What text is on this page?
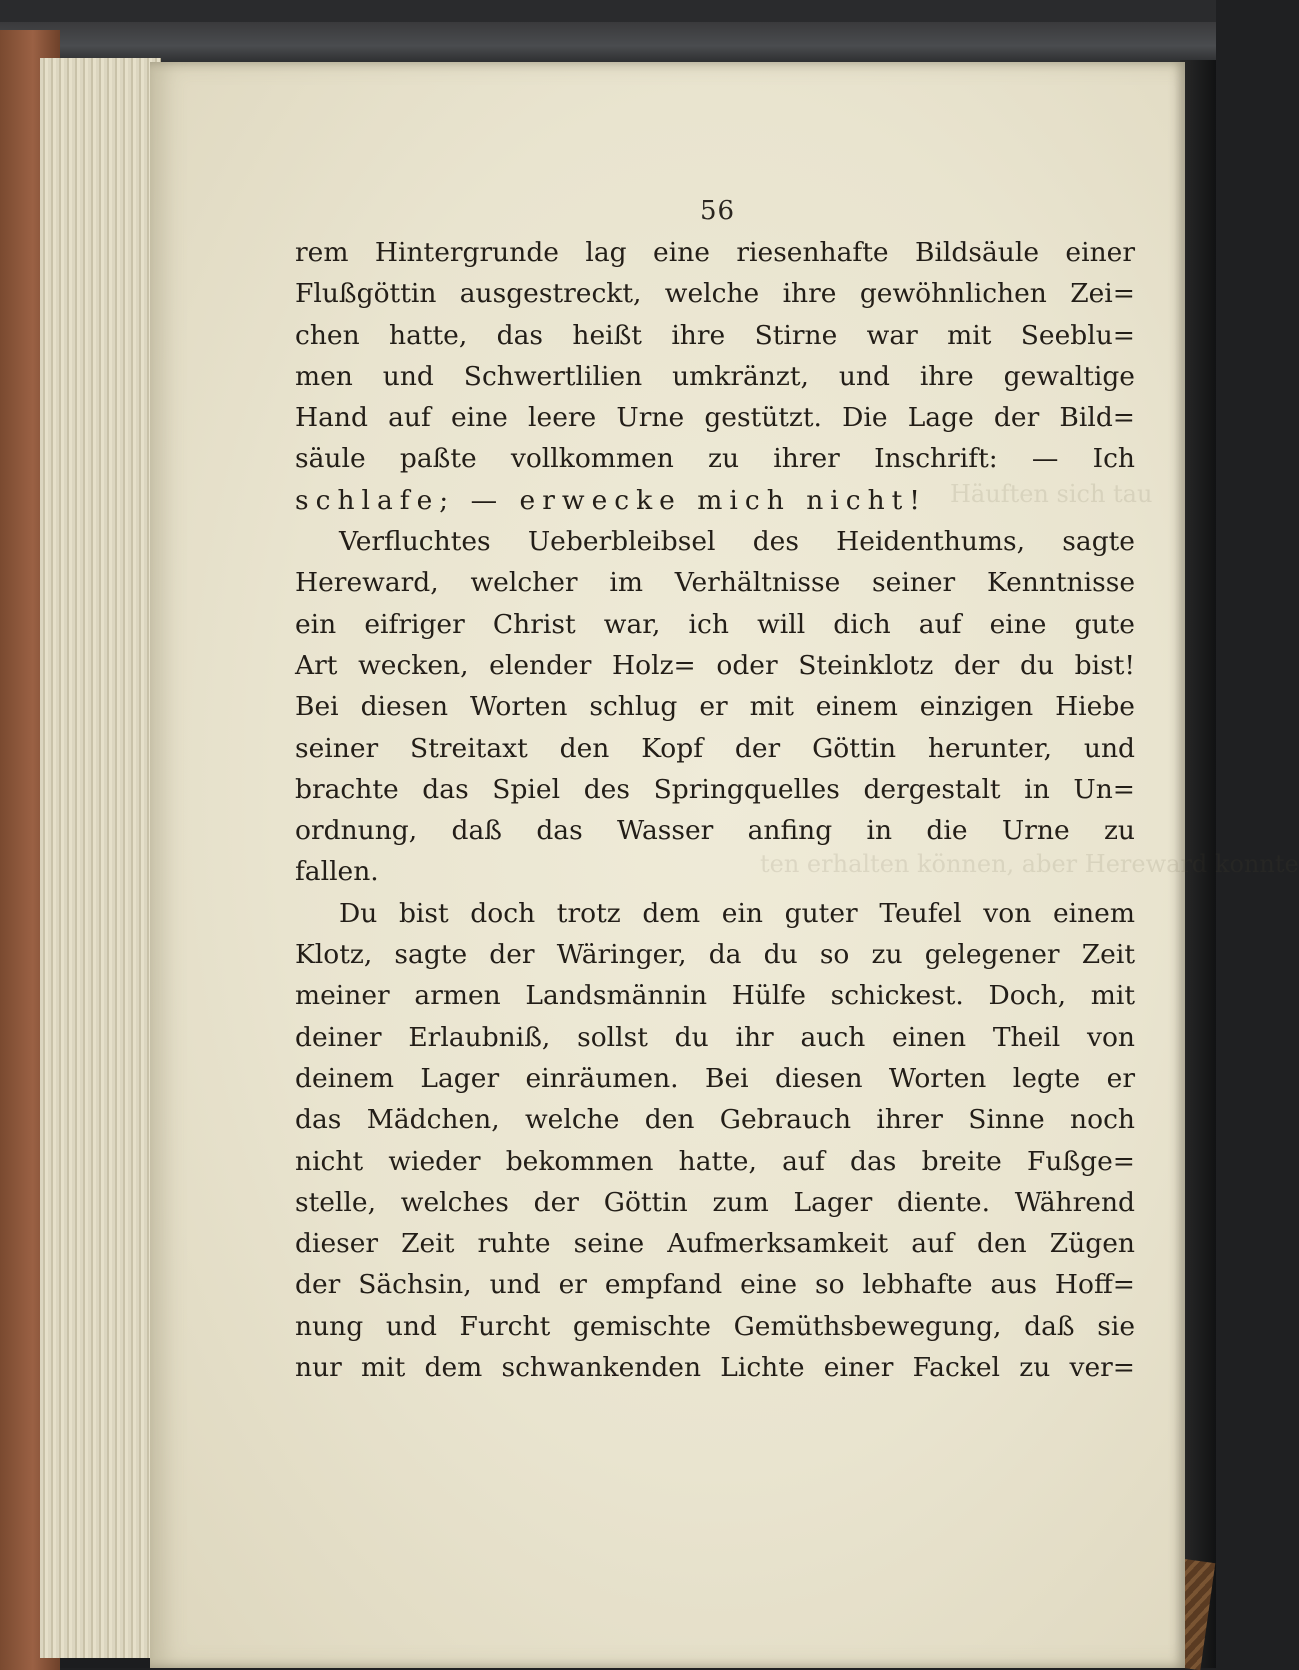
Häuften sich tau
ten erhalten können, aber Hereward konnte
56
rem Hintergrunde lag eine riesenhafte Bildsäule einer
Flußgöttin ausgestreckt, welche ihre gewöhnlichen Zei=
chen hatte, das heißt ihre Stirne war mit Seeblu=
men und Schwertlilien umkränzt, und ihre gewaltige
Hand auf eine leere Urne gestützt. Die Lage der Bild=
säule paßte vollkommen zu ihrer Inschrift: — Ich
schlafe; — erwecke mich nicht!
Verfluchtes Ueberbleibsel des Heidenthums, sagte
Hereward, welcher im Verhältnisse seiner Kenntnisse
ein eifriger Christ war, ich will dich auf eine gute
Art wecken, elender Holz= oder Steinklotz der du bist!
Bei diesen Worten schlug er mit einem einzigen Hiebe
seiner Streitaxt den Kopf der Göttin herunter, und
brachte das Spiel des Springquelles dergestalt in Un=
ordnung, daß das Wasser anfing in die Urne zu
fallen.
Du bist doch trotz dem ein guter Teufel von einem
Klotz, sagte der Wäringer, da du so zu gelegener Zeit
meiner armen Landsmännin Hülfe schickest. Doch, mit
deiner Erlaubniß, sollst du ihr auch einen Theil von
deinem Lager einräumen. Bei diesen Worten legte er
das Mädchen, welche den Gebrauch ihrer Sinne noch
nicht wieder bekommen hatte, auf das breite Fußge=
stelle, welches der Göttin zum Lager diente. Während
dieser Zeit ruhte seine Aufmerksamkeit auf den Zügen
der Sächsin, und er empfand eine so lebhafte aus Hoff=
nung und Furcht gemischte Gemüthsbewegung, daß sie
nur mit dem schwankenden Lichte einer Fackel zu ver=
